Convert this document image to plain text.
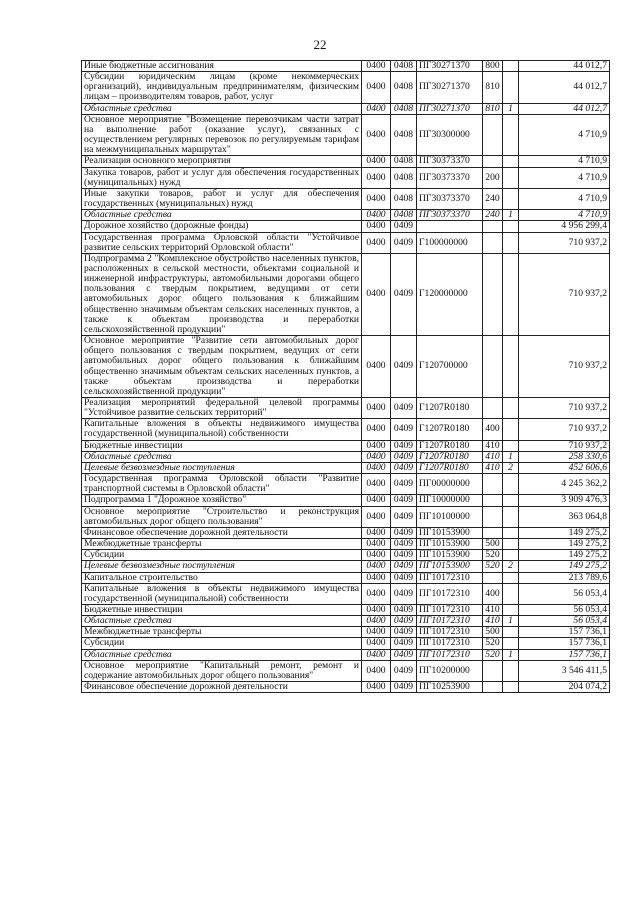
22
Иные бюджетные ассигнования	0400	0408	ПГ30271370	800		44 012,7
Субсидии юридическим лицам (кроме некоммерческих организаций), индивидуальным предпринимателям, физическим лицам – производителям товаров, работ, услуг	0400	0408	ПГ30271370	810		44 012,7
Областные средства	0400	0408	ПГ30271370	810	1	44 012,7
Основное мероприятие "Возмещение перевозчикам части затрат на выполнение работ (оказание услуг), связанных с осуществлением регулярных перевозок по регулируемым тарифам на межмуниципальных маршрутах"	0400	0408	ПГ30300000			4 710,9
Реализация основного мероприятия	0400	0408	ПГ30373370			4 710,9
Закупка товаров, работ и услуг для обеспечения государственных (муниципальных) нужд	0400	0408	ПГ30373370	200		4 710,9
Иные закупки товаров, работ и услуг для обеспечения государственных (муниципальных) нужд	0400	0408	ПГ30373370	240		4 710,9
Областные средства	0400	0408	ПГ30373370	240	1	4 710,9
Дорожное хозяйство (дорожные фонды)	0400	0409				4 956 299,4
Государственная программа Орловской области "Устойчивое развитие сельских территорий Орловской области"	0400	0409	Г100000000			710 937,2
Подпрограмма 2 "Комплексное обустройство населенных пунктов, расположенных в сельской местности, объектами социальной и инженерной инфраструктуры, автомобильными дорогами общего пользования с твердым покрытием, ведущими от сети автомобильных дорог общего пользования к ближайшим общественно значимым объектам сельских населенных пунктов, а также к объектам производства и переработки сельскохозяйственной продукции"	0400	0409	Г120000000			710 937,2
Основное мероприятие "Развитие сети автомобильных дорог общего пользования с твердым покрытием, ведущих от сети автомобильных дорог общего пользования к ближайшим общественно значимым объектам сельских населенных пунктов, а также объектам производства и переработки сельскохозяйственной продукции"	0400	0409	Г120700000			710 937,2
Реализация мероприятий федеральной целевой программы "Устойчивое развитие сельских территорий"	0400	0409	Г1207R0180			710 937,2
Капитальные вложения в объекты недвижимого имущества государственной (муниципальной) собственности	0400	0409	Г1207R0180	400		710 937,2
Бюджетные инвестиции	0400	0409	Г1207R0180	410		710 937,2
Областные средства	0400	0409	Г1207R0180	410	1	258 330,6
Целевые безвозмездные поступления	0400	0409	Г1207R0180	410	2	452 606,6
Государственная программа Орловской области "Развитие транспортной системы в Орловской области"	0400	0409	ПГ00000000			4 245 362,2
Подпрограмма 1 "Дорожное хозяйство"	0400	0409	ПГ10000000			3 909 476,3
Основное мероприятие "Строительство и реконструкция автомобильных дорог общего пользования"	0400	0409	ПГ10100000			363 064,8
Финансовое обеспечение дорожной деятельности	0400	0409	ПГ10153900			149 275,2
Межбюджетные трансферты	0400	0409	ПГ10153900	500		149 275,2
Субсидии	0400	0409	ПГ10153900	520		149 275,2
Целевые безвозмездные поступления	0400	0409	ПГ10153900	520	2	149 275,2
Капитальное строительство	0400	0409	ПГ10172310			213 789,6
Капитальные вложения в объекты недвижимого имущества государственной (муниципальной) собственности	0400	0409	ПГ10172310	400		56 053,4
Бюджетные инвестиции	0400	0409	ПГ10172310	410		56 053,4
Областные средства	0400	0409	ПГ10172310	410	1	56 053,4
Межбюджетные трансферты	0400	0409	ПГ10172310	500		157 736,1
Субсидии	0400	0409	ПГ10172310	520		157 736,1
Областные средства	0400	0409	ПГ10172310	520	1	157 736,1
Основное мероприятие "Капитальный ремонт, ремонт и содержание автомобильных дорог общего пользования"	0400	0409	ПГ10200000			3 546 411,5
Финансовое обеспечение дорожной деятельности	0400	0409	ПГ10253900			204 074,2
